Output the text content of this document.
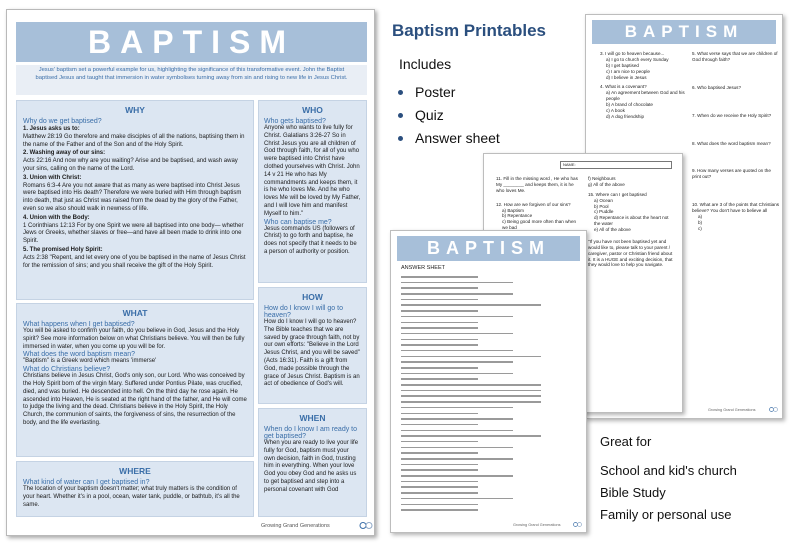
BAPTISM
Jesus' baptism set a powerful example for us, highlighting the significance of this transformative event. John the Baptist baptised Jesus and taught that immersion in water symbolises turning away from sin and rising to new life in Jesus Christ.
WHY
Why do we get baptised?
1. Jesus asks us to:
Matthew 28:19 Go therefore and make disciples of all the nations, baptising them in the name of the Father and of the Son and of the Holy Spirit.
2. Washing away of our sins:
Acts 22:16 And now why are you waiting? Arise and be baptised, and wash away your sins, calling on the name of the Lord.
3. Union with Christ:
Romans 6:3-4 Are you not aware that as many as were baptised into Christ Jesus were baptised into His death? Therefore we were buried with Him through baptism into death, that just as Christ was raised from the dead by the glory of the Father, even so we also should walk in newness of life.
4. Union with the Body:
1 Corinthians 12:13 For by one Spirit we were all baptised into one body— whether Jews or Greeks, whether slaves or free—and have all been made to drink into one Spirit.
5. The promised Holy Spirit:
Acts 2:38 "Repent, and let every one of you be baptised in the name of Jesus Christ for the remission of sins; and you shall receive the gift of the Holy Spirit.
WHO
Who gets baptised?
Anyone who wants to live fully for Christ. Galatians 3:26-27 So in Christ Jesus you are all children of God through faith, for all of you who were baptised into Christ have clothed yourselves with Christ. John 14 v 21 He who has My commandments and keeps them, it is he who loves Me. And he who loves Me will be loved by My Father, and I will love him and manifest Myself to him."
Who can baptise me?
Jesus commands US (followers of Christ) to go forth and baptise, he does not specify that it needs to be a person of authority or position.
WHAT
What happens when I get baptised?
You will be asked to confirm your faith, do you believe in God, Jesus and the Holy spirit? See more information below on what Christians believe. You will then be fully immersed in water, when you come up you will be for.
What does the word baptism mean?
"Baptism" is a Greek word which means 'immerse'
What do Christians believe?
Christians believe in Jesus Christ, God's only son, our Lord. Who was conceived by the Holy Spirit born of the virgin Mary. Suffered under Pontius Pilate, was crucified, died, and was buried. He descended into hell. On the third day he rose again. He ascended into Heaven, He is seated at the right hand of the father, and He will come to judge the living and the dead. Christians believe in the Holy Spirit, the Holy Church, the communion of saints, the forgiveness of sins, the resurrection of the body, and the life everlasting.
HOW
How do I know I will go to heaven?
How do I know I will go to heaven? The Bible teaches that we are saved by grace through faith, not by our own efforts: "Believe in the Lord Jesus Christ, and you will be saved" (Acts 16:31). Faith is a gift from God, made possible through the grace of Jesus Christ. Baptism is an act of obedience of God's will.
WHERE
What kind of water can I get baptised in?
The location of your baptism doesn't matter; what truly matters is the condition of your heart. Whether it's in a pool, ocean, water tank, puddle, or bathtub, it's all the same.
WHEN
When do I know I am ready to get baptised?
When you are ready to live your life fully for God, baptism must your own decision, faith in God, trusting him in everything. When your love God you obey God and he asks us to get baptised and step into a personal covenant with God
Growing Grand Generations
Baptism Printables
Includes
Poster
Quiz
Answer sheet
BAPTISM
3. I will go to heaven because...
a) I go to church every Sunday
b) I get baptised
c) I am nice to people
d) I believe in Jesus
4. What is a covenant?
a) An agreement between God and his people
b) A brand of chocolate
c) A book
d) A dog friendship
5. What verse says that we are children of God through faith?
6. Who baptised Jesus?
7. When do we receive the Holy Spirit?
8. What does the word baptism mean?
9. How many verses are quoted on the print out?
10. What are 3 of the points that Christians believe? You don't have to believe all
a)
b)
c)
Growing Grand Generations
NAME:
11. Fill in the missing word , He who has My ________ and keeps them, it is he who loves Me.
12. How are we forgiven of our sins?
a) Baptism
b) Repentance
c) Being good more often than when we bad
f) Neighbours
g) All of the above
15. Where can I get baptised
a) Ocean
b) Pool
c) Puddle
d) Repentance is about the heart not the water
e) All of the above
"If you have not been baptised yet and would like to, please talk to your parent / caregiver, pastor or Christian friend about it. It is a HUGE and exciting decision, that they would love to help you navigate.
BAPTISM
ANSWER SHEET
Growing Grand Generations
Great for
School and kid's church
Bible Study
Family or personal use
